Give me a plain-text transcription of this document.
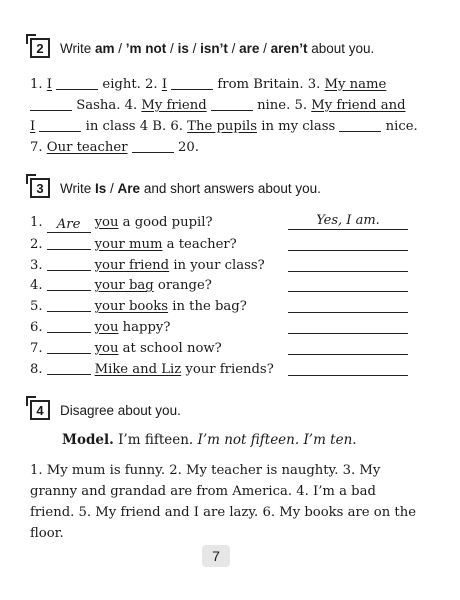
2 Write am / ’m not / is / isn’t / are / aren’t about you.
1. I	eight. 2. I	from Britain. 3. My name
Sasha. 4. My friend	nine. 5. My friend and
I	in class 4 B. 6. The pupils in my class	nice.
7. Our teacher	20.
3 Write Is / Are and short answers about you.
1. Are you a good pupil?	Yes, I am.
2.	your mum a teacher?
3.	your friend in your class?
4.	your bag orange?
5.	your books in the bag?
6.	you happy?
7.	you at school now?
8.	Mike and Liz your friends?
4 Disagree about you.
Model. I’m fifteen. I’m not fifteen. I’m ten.
1. My mum is funny. 2. My teacher is naughty. 3. My
granny and grandad are from America. 4. I’m a bad
friend. 5. My friend and I are lazy. 6. My books are on the
floor.
7
